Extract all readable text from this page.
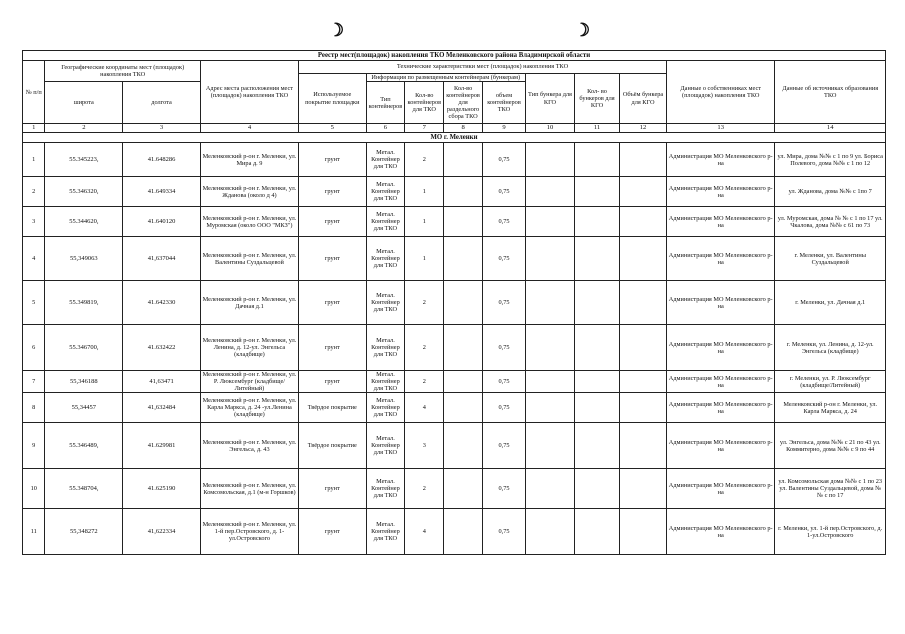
☽	☽
Реестр мест(площадок) накопления ТКО Меленковского района Владимирской области													
№ п/п	Географические координаты мест (площадок) накопления ТКО		Адрес места расположения мест (площадок) накопления ТКО	Технические характеристики мест (площадок) накопления ТКО								Данные о собственниках мест (площадок) накопления ТКО	Данные об источниках образования ТКО
				Используемое покрытие площадки	Информация по размещенным контейнерам (бункерам)				Тип бункера для КГО	Кол- во бункеров для КГО	Объём бункера для КГО		
	широта	долгота			Тип контейнеров	Кол-во контейнеров для ТКО	Кол-во контейнеров для раздельного сбора ТКО	объем контейнеров ТКО					

1	2	3	4	5	6	7	8	9	10	11	12	13	14
МО г. Меленки													
1	55.345223,	41.648286	Меленковский р-он г. Меленки, ул. Мира д. 9	грунт	Метал. Контейнер для ТКО	2		0,75				Администрация МО Меленковского р-на	ул. Мира, дома №№ с 1 по 9 ул. Бориса Полевого, дома №№ с 1 по 12
2	55.346320,	41.649334	Меленковский р-он г. Меленки, ул. Жданова (около д 4)	грунт	Метал. Контейнер для ТКО	1		0,75				Администрация МО Меленковского р-на	ул. Жданова, дома №№ с 1по 7
3	55.344620,	41.640120	Меленковский р-он г. Меленки, ул. Муромская (около ООО "МКЗ")	грунт	Метал. Контейнер для ТКО	1		0,75				Администрация МО Меленковского р-на	ул. Муромская, дома № № с 1 по 17 ул. Чкалова, дома №№ с 61 по 73
4	55,349063	41,637044	Меленковский р-он г. Меленки, ул. Валентины Суздальцевой	грунт	Метал. Контейнер для ТКО	1		0,75				Администрация МО Меленковского р-на	г. Меленки, ул. Валентины Суздальцевой
5	55.349819,	41.642330	Меленковский р-он г. Меленки, ул. Дачная д.1	грунт	Метал. Контейнер для ТКО	2		0,75				Администрация МО Меленковского р-на	г. Меленки, ул. Дачная д.1
6	55.346700,	41.632422	Меленковский р-он г. Меленки, ул. Ленина, д. 12-ул. Энгельса (кладбище)	грунт	Метал. Контейнер для ТКО	2		0,75				Администрация МО Меленковского р-на	г. Меленки, ул. Ленина, д. 12-ул. Энгельса (кладбище)
7	55,346188	41,63471	Меленковский р-он г. Меленки, ул. Р. Люксембург (кладбище/Литейный)	грунт	Метал. Контейнер для ТКО	2		0,75				Администрация МО Меленковского р-на	г. Меленки, ул. Р. Люксембург (кладбище/Литейный)
8	55,34457	41,632484	Меленковский р-он г. Меленки, ул. Карла Маркса, д. 24 -ул.Ленина (кладбище)	Твёрдое покрытие	Метал. Контейнер для ТКО	4		0,75				Администрация МО Меленковского р-на	Меленковский р-он г. Меленки, ул. Карла Маркса, д. 24
9	55.346489,	41.629981	Меленковский р-он г. Меленки, ул. Энгельса, д. 43	Твёрдое покрытие	Метал. Контейнер для ТКО	3		0,75				Администрация МО Меленковского р-на	ул. Энгельса, дома №№ с 21 по 43 ул. Коммитерно, дома №№ с 9 по 44
10	55.348704,	41.625190	Меленковский р-он г. Меленки, ул. Комсомольская, д.1 (м-н Горшков)	грунт	Метал. Контейнер для ТКО	2		0,75				Администрация МО Меленковского р-на	ул. Комсомольская дома №№ с 1 по 23 ул. Валентины Суздальцевой, дома №№ с по 17
11	55,348272	41,622334	Меленковский р-он г. Меленки, ул. 1-й пер.Островского, д. 1-ул.Островского	грунт	Метал. Контейнер для ТКО	4		0,75				Администрация МО Меленковского р-на	г. Меленки, ул. 1-й пер.Островского, д. 1-ул.Островского
